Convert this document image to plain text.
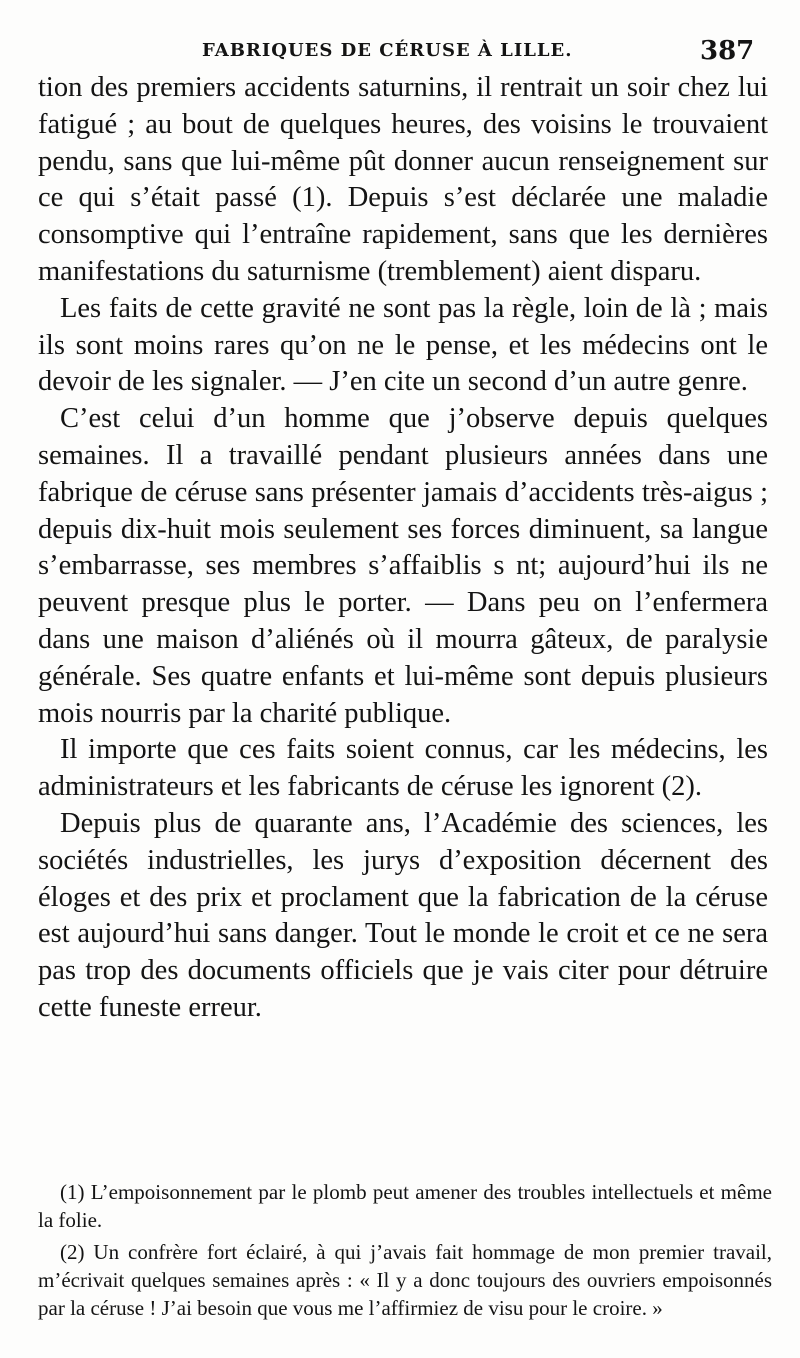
FABRIQUES DE CÉRUSE À LILLE.	387

tion des premiers accidents saturnins, il rentrait un soir chez lui fatigué ; au bout de quelques heures, des voisins le trouvaient pendu, sans que lui-même pût donner aucun renseignement sur ce qui s’était passé (1). Depuis s’est déclarée une maladie consomptive qui l’entraîne rapidement, sans que les dernières manifestations du saturnisme (tremblement) aient disparu.

Les faits de cette gravité ne sont pas la règle, loin de là ; mais ils sont moins rares qu’on ne le pense, et les médecins ont le devoir de les signaler. — J’en cite un second d’un autre genre.

C’est celui d’un homme que j’observe depuis quelques semaines. Il a travaillé pendant plusieurs années dans une fabrique de céruse sans présenter jamais d’accidents très-aigus ; depuis dix-huit mois seulement ses forces diminuent, sa langue s’embarrasse, ses membres s’affaiblis s nt; aujourd’hui ils ne peuvent presque plus le porter. — Dans peu on l’enfermera dans une maison d’aliénés où il mourra gâteux, de paralysie générale. Ses quatre enfants et lui-même sont depuis plusieurs mois nourris par la charité publique.

Il importe que ces faits soient connus, car les médecins, les administrateurs et les fabricants de céruse les ignorent (2).

Depuis plus de quarante ans, l’Académie des sciences, les sociétés industrielles, les jurys d’exposition décernent des éloges et des prix et proclament que la fabrication de la céruse est aujourd’hui sans danger. Tout le monde le croit et ce ne sera pas trop des documents officiels que je vais citer pour détruire cette funeste erreur.

(1) L’empoisonnement par le plomb peut amener des troubles intellectuels et même la folie.

(2) Un confrère fort éclairé, à qui j’avais fait hommage de mon premier travail, m’écrivait quelques semaines après : « Il y a donc toujours des ouvriers empoisonnés par la céruse ! J’ai besoin que vous me l’affirmiez de visu pour le croire. »
